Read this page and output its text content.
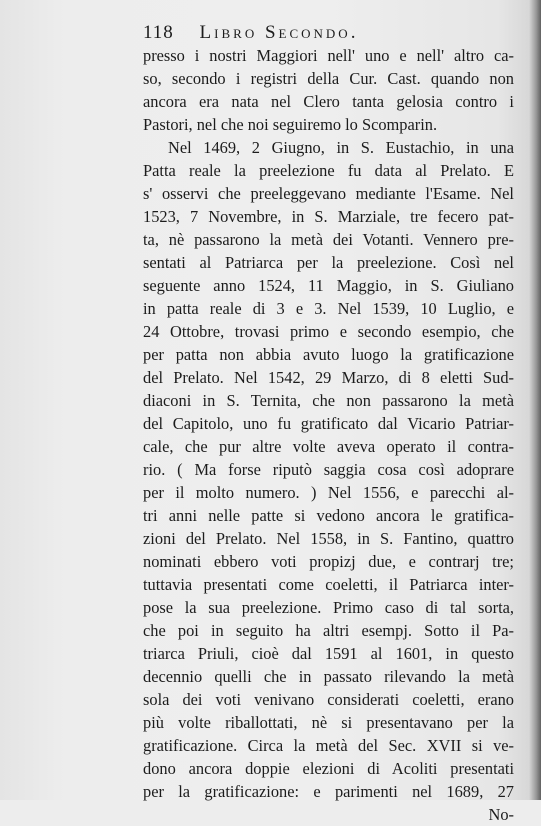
118 Libro Secondo.
presso i nostri Maggiori nell' uno e nell' altro ca-
so, secondo i registri della Cur. Cast. quando non
ancora era nata nel Clero tanta gelosia contro i
Pastori, nel che noi seguiremo lo Scomparin.
Nel 1469, 2 Giugno, in S. Eustachio, in una
Patta reale la preelezione fu data al Prelato. E
s' osservi che preeleggevano mediante l'Esame. Nel
1523, 7 Novembre, in S. Marziale, tre fecero pat-
ta, nè passarono la metà dei Votanti. Vennero pre-
sentati al Patriarca per la preelezione. Così nel
seguente anno 1524, 11 Maggio, in S. Giuliano
in patta reale di 3 e 3. Nel 1539, 10 Luglio, e
24 Ottobre, trovasi primo e secondo esempio, che
per patta non abbia avuto luogo la gratificazione
del Prelato. Nel 1542, 29 Marzo, di 8 eletti Sud-
diaconi in S. Ternita, che non passarono la metà
del Capitolo, uno fu gratificato dal Vicario Patriar-
cale, che pur altre volte aveva operato il contra-
rio. ( Ma forse riputò saggia cosa così adoprare
per il molto numero. ) Nel 1556, e parecchi al-
tri anni nelle patte si vedono ancora le gratifica-
zioni del Prelato. Nel 1558, in S. Fantino, quattro
nominati ebbero voti propizj due, e contrarj tre;
tuttavia presentati come coeletti, il Patriarca inter-
pose la sua preelezione. Primo caso di tal sorta,
che poi in seguito ha altri esempj. Sotto il Pa-
triarca Priuli, cioè dal 1591 al 1601, in questo
decennio quelli che in passato rilevando la metà
sola dei voti venivano considerati coeletti, erano
più volte riballottati, nè si presentavano per la
gratificazione. Circa la metà del Sec. XVII si ve-
dono ancora doppie elezioni di Acoliti presentati
per la gratificazione: e parimenti nel 1689, 27
No-
